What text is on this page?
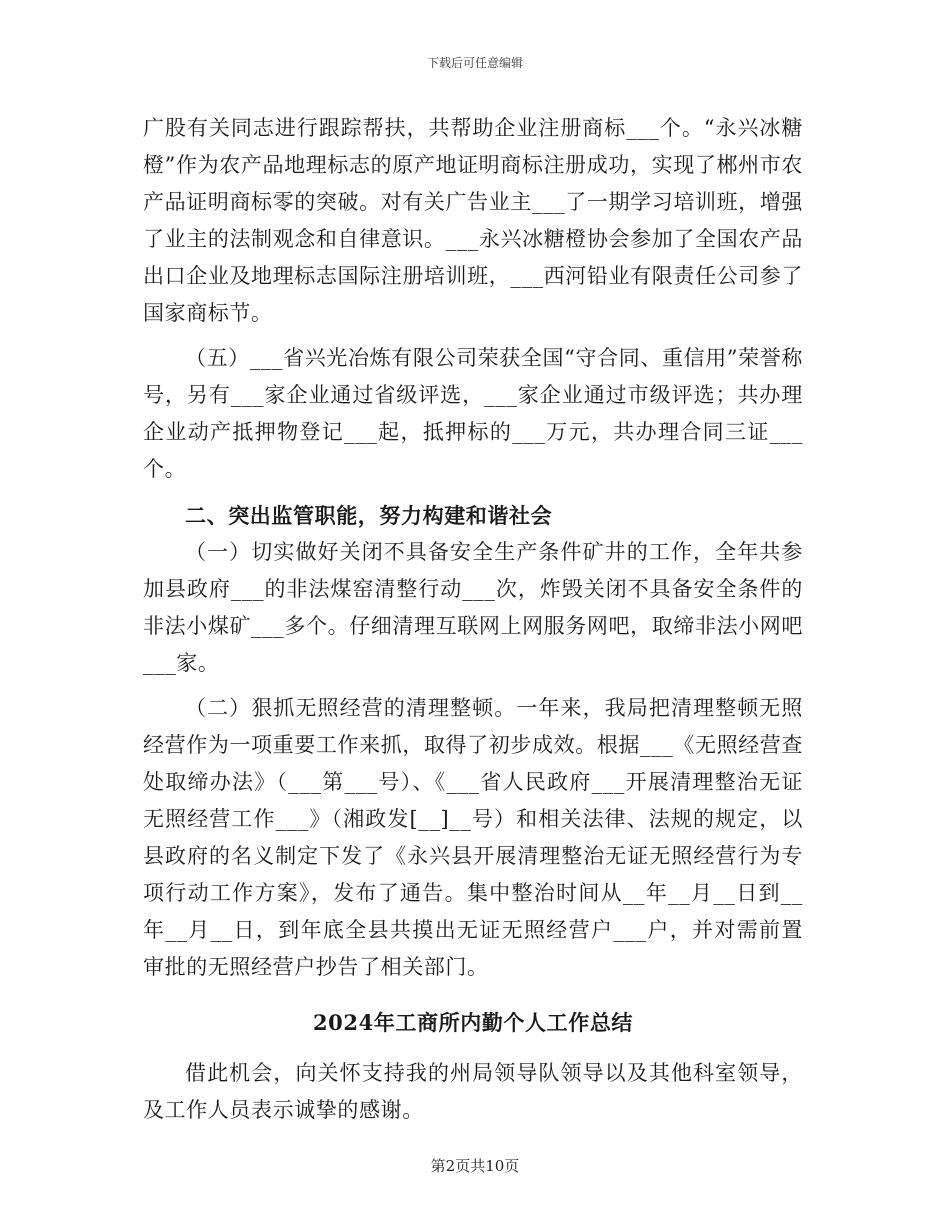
下载后可任意编辑

广股有关同志进行跟踪帮扶，共帮助企业注册商标___个。“永兴冰糖橙”作为农产品地理标志的原产地证明商标注册成功，实现了郴州市农产品证明商标零的突破。对有关广告业主___了一期学习培训班，增强了业主的法制观念和自律意识。___永兴冰糖橙协会参加了全国农产品出口企业及地理标志国际注册培训班，___西河铅业有限责任公司参了国家商标节。

（五）___省兴光冶炼有限公司荣获全国“守合同、重信用”荣誉称号，另有___家企业通过省级评选，___家企业通过市级评选；共办理企业动产抵押物登记___起，抵押标的___万元，共办理合同三证___个。

二、突出监管职能，努力构建和谐社会

（一）切实做好关闭不具备安全生产条件矿井的工作，全年共参加县政府___的非法煤窑清整行动___次，炸毁关闭不具备安全条件的非法小煤矿___多个。仔细清理互联网上网服务网吧，取缔非法小网吧___家。

（二）狠抓无照经营的清理整顿。一年来，我局把清理整顿无照经营作为一项重要工作来抓，取得了初步成效。根据___《无照经营查处取缔办法》（___第___号）、《___省人民政府___开展清理整治无证无照经营工作___》（湘政发[__]__号）和相关法律、法规的规定，以县政府的名义制定下发了《永兴县开展清理整治无证无照经营行为专项行动工作方案》，发布了通告。集中整治时间从__年__月__日到__年__月__日，到年底全县共摸出无证无照经营户___户，并对需前置审批的无照经营户抄告了相关部门。

2024年工商所内勤个人工作总结

借此机会，向关怀支持我的州局领导队领导以及其他科室领导，及工作人员表示诚挚的感谢。

第2页共10页
